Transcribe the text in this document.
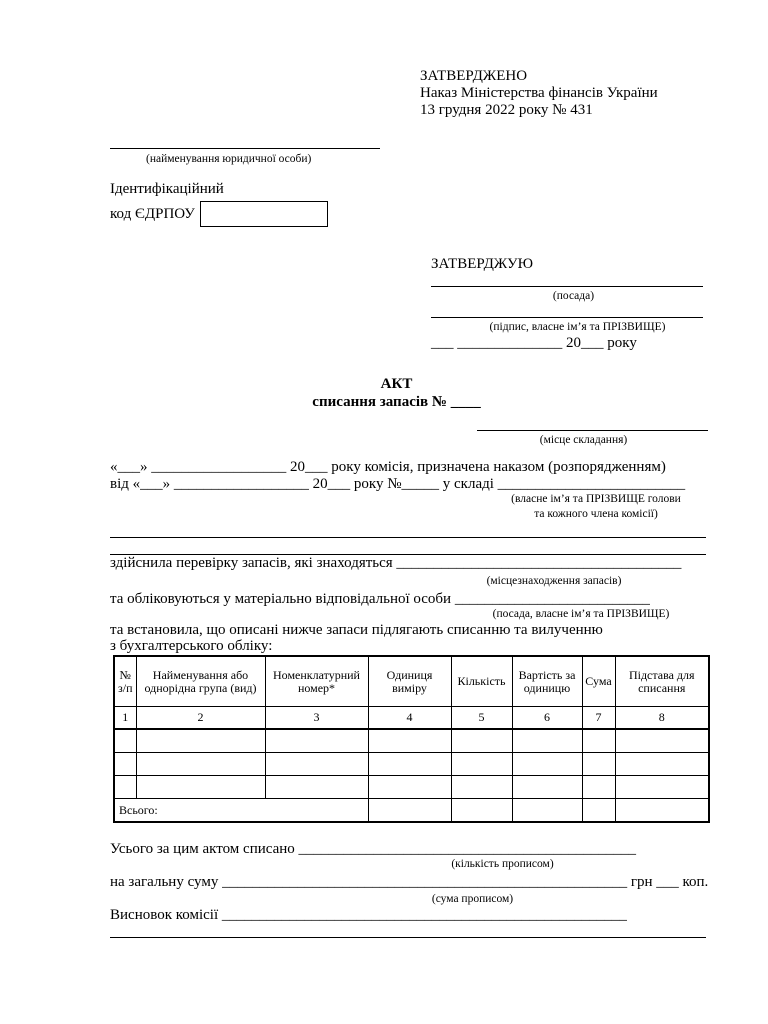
ЗАТВЕРДЖЕНО
Наказ Міністерства фінансів України
13 грудня 2022 року № 431
(найменування юридичної особи)
Ідентифікаційний
код ЄДРПОУ
ЗАТВЕРДЖУЮ
(посада)
(підпис, власне ім’я та ПРІЗВИЩЕ)
___ ______________ 20___ року
АКТ
списання запасів № ____
(місце складання)
«___» __________________ 20___ року комісія, призначена наказом (розпорядженням)
від «___» __________________ 20___ року №_____ у складі _________________________
(власне ім’я та ПРІЗВИЩЕ голови
та кожного члена комісії)
здійснила перевірку запасів, які знаходяться ______________________________________
(місцезнаходження запасів)
та обліковуються у матеріально відповідальної особи __________________________
(посада, власне ім’я та ПРІЗВИЩЕ)
та встановила, що описані нижче запаси підлягають списанню та вилученню
з бухгалтерського обліку:
№ з/п	Найменування або однорідна група (вид)	Номенклатурний номер*	Одиниця виміру	Кількість	Вартість за одиницю	Сума	Підстава для списання
1	2	3	4	5	6	7	8

Всього:							
Усього за цим актом списано _____________________________________________
(кількість прописом)
на загальну суму ______________________________________________________ грн ___ коп.
(сума прописом)
Висновок комісії ______________________________________________________
